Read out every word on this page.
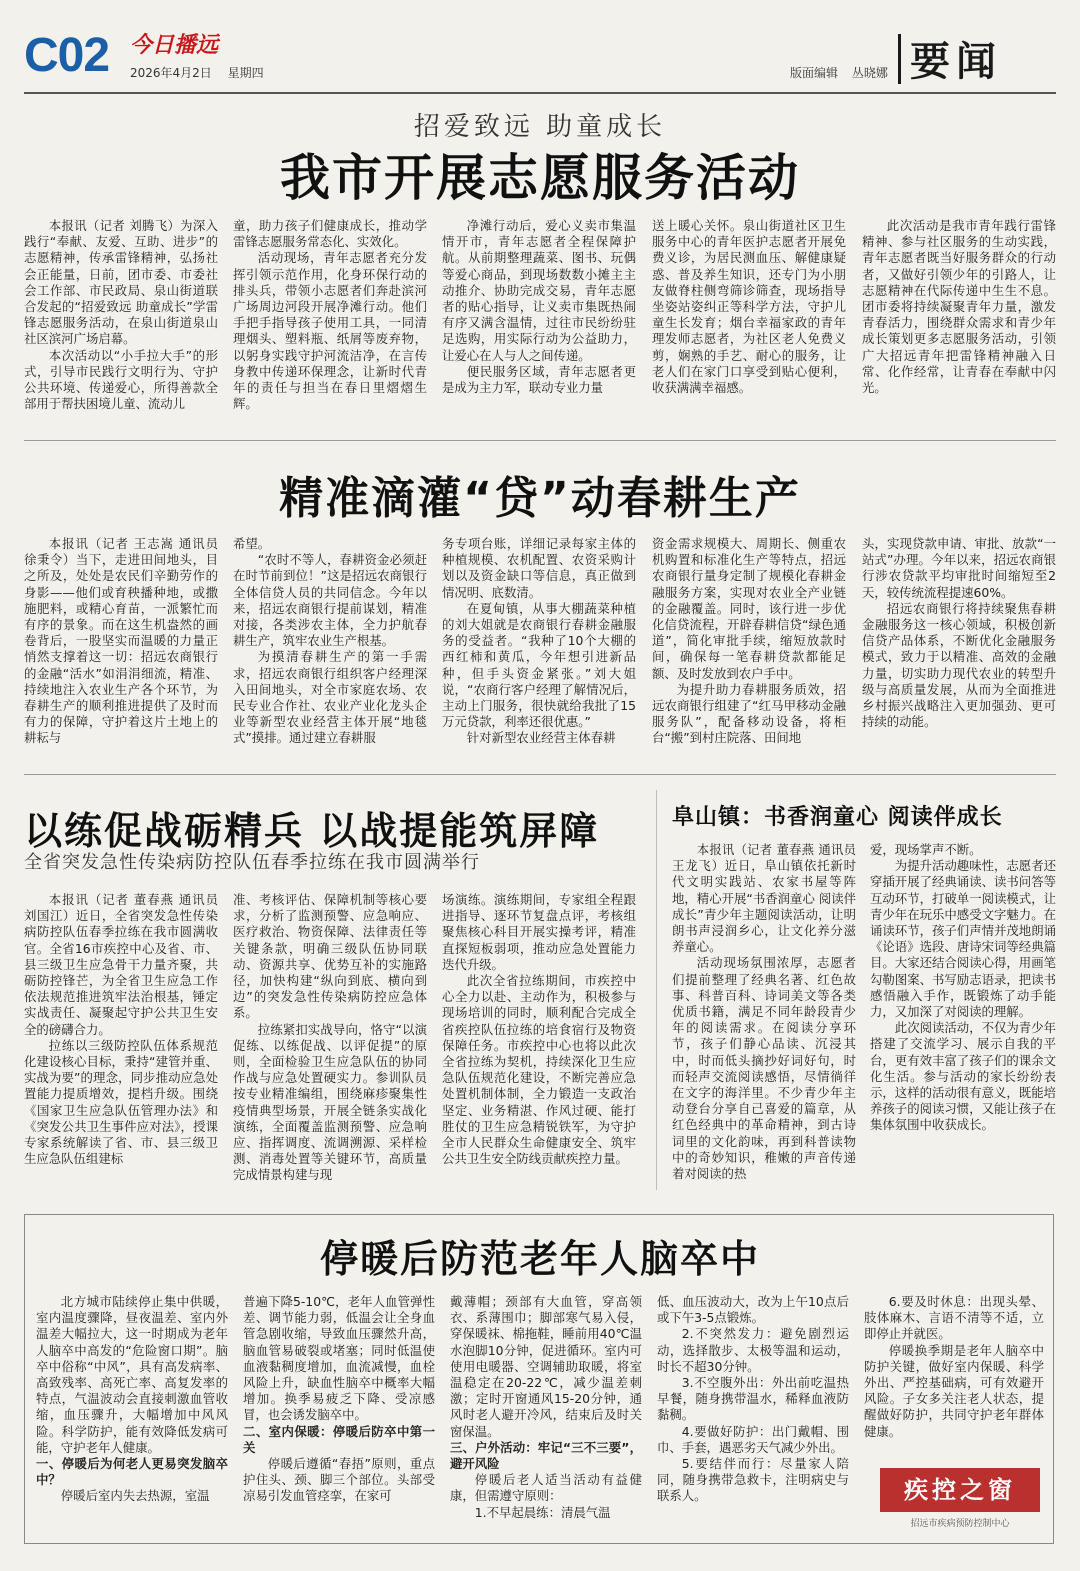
C02 今日播远
2026年4月2日 星期四	版面编辑 丛晓娜 要闻
招爱致远 助童成长
我市开展志愿服务活动

本报讯（记者 刘腾飞）为深入践行“奉献、友爱、互助、进步”的志愿精神，传承雷锋精神，弘扬社会正能量，日前，团市委、市委社会工作部、市民政局、泉山街道联合发起的“招爱致远 助童成长”学雷锋志愿服务活动，在泉山街道泉山社区滨河广场启幕。

本次活动以“小手拉大手”的形式，引导市民践行文明行为、守护公共环境、传递爱心，所得善款全部用于帮扶困境儿童、流动儿

童，助力孩子们健康成长，推动学雷锋志愿服务常态化、实效化。

活动现场，青年志愿者充分发挥引领示范作用，化身环保行动的排头兵，带领小志愿者们奔赴滨河广场周边河段开展净滩行动。他们手把手指导孩子使用工具，一同清理烟头、塑料瓶、纸屑等废弃物，以躬身实践守护河流洁净，在言传身教中传递环保理念，让新时代青年的责任与担当在春日里熠熠生辉。

净滩行动后，爱心义卖市集温情开市，青年志愿者全程保障护航。从前期整理蔬菜、图书、玩偶等爱心商品，到现场数数小摊主主动推介、协助完成交易，青年志愿者的贴心指导，让义卖市集既热闹有序又满含温情，过往市民纷纷驻足选购，用实际行动为公益助力，让爱心在人与人之间传递。

便民服务区域，青年志愿者更是成为主力军，联动专业力量

送上暖心关怀。泉山街道社区卫生服务中心的青年医护志愿者开展免费义诊，为居民测血压、解健康疑惑、普及养生知识，还专门为小朋友做脊柱侧弯筛诊筛查，现场指导坐姿站姿纠正等科学方法，守护儿童生长发育；烟台幸福家政的青年理发师志愿者，为社区老人免费义剪，娴熟的手艺、耐心的服务，让老人们在家门口享受到贴心便利，收获满满幸福感。

此次活动是我市青年践行雷锋精神、参与社区服务的生动实践，青年志愿者既当好服务群众的行动者，又做好引领少年的引路人，让志愿精神在代际传递中生生不息。团市委将持续凝聚青年力量，激发青春活力，围绕群众需求和青少年成长策划更多志愿服务活动，引领广大招远青年把雷锋精神融入日常、化作经常，让青春在奉献中闪光。

精准滴灌“贷”动春耕生产

本报讯（记者 王志嵩 通讯员 徐秉令）当下，走进田间地头，目之所及，处处是农民们辛勤劳作的身影——他们或育秧播种地，或撒施肥料，或精心育苗，一派繁忙而有序的景象。而在这生机盎然的画卷背后，一股坚实而温暖的力量正悄然支撑着这一切：招远农商银行的金融“活水”如涓涓细流，精准、持续地注入农业生产各个环节，为春耕生产的顺利推进提供了及时而有力的保障，守护着这片土地上的耕耘与

希望。

“农时不等人，春耕资金必须赶在时节前到位！”这是招远农商银行全体信贷人员的共同信念。今年以来，招远农商银行提前谋划，精准对接，各类涉农主体，全力护航春耕生产，筑牢农业生产根基。

为摸清春耕生产的第一手需求，招远农商银行组织客户经理深入田间地头，对全市家庭农场、农民专业合作社、农业产业化龙头企业等新型农业经营主体开展“地毯式”摸排。通过建立春耕服

务专项台账，详细记录每家主体的种植规模、农机配置、农资采购计划以及资金缺口等信息，真正做到情况明、底数清。

在夏甸镇，从事大棚蔬菜种植的刘大姐就是农商银行春耕金融服务的受益者。“我种了10个大棚的西红柿和黄瓜，今年想引进新品种，但手头资金紧张。”刘大姐说，“农商行客户经理了解情况后，主动上门服务，很快就给我批了15万元贷款，利率还很优惠。”

针对新型农业经营主体春耕

资金需求规模大、周期长、侧重农机购置和标准化生产等特点，招远农商银行量身定制了规模化春耕金融服务方案，实现对农业全产业链的金融覆盖。同时，该行进一步优化信贷流程，开辟春耕信贷“绿色通道”，简化审批手续，缩短放款时间，确保每一笔春耕贷款都能足额、及时发放到农户手中。

为提升助力春耕服务质效，招远农商银行组建了“红马甲移动金融服务队”，配备移动设备，将柜台“搬”到村庄院落、田间地

头，实现贷款申请、审批、放款“一站式”办理。今年以来，招远农商银行涉农贷款平均审批时间缩短至2天，较传统流程提速60%。

招远农商银行将持续聚焦春耕金融服务这一核心领域，积极创新信贷产品体系，不断优化金融服务模式，致力于以精准、高效的金融力量，切实助力现代农业的转型升级与高质量发展，从而为全面推进乡村振兴战略注入更加强劲、更可持续的动能。

以练促战砺精兵 以战提能筑屏障
全省突发急性传染病防控队伍春季拉练在我市圆满举行

本报讯（记者 董春燕 通讯员 刘国江）近日，全省突发急性传染病防控队伍春季拉练在我市圆满收官。全省16市疾控中心及省、市、县三级卫生应急骨干力量齐聚，共砺防控锋芒，为全省卫生应急工作依法规范推进筑牢法治根基，锤定实战责任、凝聚起守护公共卫生安全的磅礴合力。

拉练以三级防控队伍体系规范化建设核心目标，秉持“建管并重、实战为要”的理念，同步推动应急处置能力提质增效，提档升级。围绕《国家卫生应急队伍管理办法》和《突发公共卫生事件应对法》，授课专家系统解读了省、市、县三级卫生应急队伍组建标

准、考核评估、保障机制等核心要求，分析了监测预警、应急响应、医疗救治、物资保障、法律责任等关键条款，明确三级队伍协同联动、资源共享、优势互补的实施路径，加快构建“纵向到底、横向到边”的突发急性传染病防控应急体系。

拉练紧扣实战导向，恪守“以演促练、以练促战、以评促提”的原则，全面检验卫生应急队伍的协同作战与应急处置硬实力。参训队员按专业精准编组，围绕麻疹聚集性疫情典型场景，开展全链条实战化演练，全面覆盖监测预警、应急响应、指挥调度、流调溯源、采样检测、消毒处置等关键环节，高质量完成情景构建与现

场演练。演练期间，专家组全程跟进指导、逐环节复盘点评，考核组聚焦核心科目开展实操考评，精准直探短板弱项，推动应急处置能力迭代升级。

此次全省拉练期间，市疾控中心全力以赴、主动作为，积极参与现场培训的同时，顺利配合完成全省疾控队伍拉练的培食宿行及物资保障任务。市疾控中心也将以此次全省拉练为契机，持续深化卫生应急队伍规范化建设，不断完善应急处置机制体制，全力锻造一支政治坚定、业务精湛、作风过硬、能打胜仗的卫生应急精锐铁军，为守护全市人民群众生命健康安全、筑牢公共卫生安全防线贡献疾控力量。

阜山镇：书香润童心 阅读伴成长

本报讯（记者 董春燕 通讯员 王龙飞）近日，阜山镇依托新时代文明实践站、农家书屋等阵地，精心开展“书香润童心 阅读伴成长”青少年主题阅读活动，让明朗书声浸润乡心，让文化养分滋养童心。

活动现场氛围浓厚，志愿者们提前整理了经典名著、红色故事、科普百科、诗词美文等各类优质书籍，满足不同年龄段青少年的阅读需求。在阅读分享环节，孩子们静心品读、沉浸其中，时而低头摘抄好词好句，时而轻声交流阅读感悟，尽情徜徉在文字的海洋里。不少青少年主动登台分享自己喜爱的篇章，从红色经典中的革命精神，到古诗词里的文化韵味，再到科普读物中的奇妙知识，稚嫩的声音传递着对阅读的热

爱，现场掌声不断。

为提升活动趣味性，志愿者还穿插开展了经典诵读、读书问答等互动环节，打破单一阅读模式，让青少年在玩乐中感受文字魅力。在诵读环节，孩子们声情并茂地朗诵《论语》选段、唐诗宋词等经典篇目。大家还结合阅读心得，用画笔勾勒图案、书写励志语录，把读书感悟融入手作，既锻炼了动手能力，又加深了对阅读的理解。

此次阅读活动，不仅为青少年搭建了交流学习、展示自我的平台，更有效丰富了孩子们的课余文化生活。参与活动的家长纷纷表示，这样的活动很有意义，既能培养孩子的阅读习惯，又能让孩子在集体氛围中收获成长。

停暖后防范老年人脑卒中

北方城市陆续停止集中供暖，室内温度骤降，昼夜温差、室内外温差大幅拉大，这一时期成为老年人脑卒中高发的“危险窗口期”。脑卒中俗称“中风”，具有高发病率、高致残率、高死亡率、高复发率的特点，气温波动会直接刺激血管收缩，血压骤升，大幅增加中风风险。科学防护，能有效降低发病可能，守护老年人健康。

一、停暖后为何老人更易突发脑卒中？

停暖后室内失去热源，室温

普遍下降5-10℃，老年人血管弹性差、调节能力弱，低温会让全身血管急剧收缩，导致血压骤然升高，脑血管易破裂或堵塞；同时低温使血液黏稠度增加，血流减慢，血栓风险上升，缺血性脑卒中概率大幅增加。换季易疲乏下降、受凉感冒，也会诱发脑卒中。

二、室内保暖：停暖后防卒中第一关

停暖后遵循“春捂”原则，重点护住头、颈、脚三个部位。头部受凉易引发血管痉挛，在家可

戴薄帽；颈部有大血管，穿高领衣、系薄围巾；脚部寒气易入侵，穿保暖袜、棉拖鞋，睡前用40℃温水泡脚10分钟，促进循环。室内可使用电暖器、空调辅助取暖，将室温稳定在20-22℃，减少温差刺激；定时开窗通风15-20分钟，通风时老人避开冷风，结束后及时关窗保温。

三、户外活动：牢记“三不三要”，避开风险

停暖后老人适当活动有益健康，但需遵守原则：

1.不早起晨练：清晨气温

低、血压波动大，改为上午10点后或下午3-5点锻炼。

2.不突然发力：避免剧烈运动，选择散步、太极等温和运动，时长不超30分钟。

3.不空腹外出：外出前吃温热早餐，随身携带温水，稀释血液防黏稠。

4.要做好防护：出门戴帽、围巾、手套，遇恶劣天气减少外出。

5.要结伴而行：尽量家人陪同，随身携带急救卡，注明病史与联系人。

6.要及时休息：出现头晕、肢体麻木、言语不清等不适，立即停止并就医。

停暖换季期是老年人脑卒中防护关键，做好室内保暖、科学外出、严控基础病，可有效避开风险。子女多关注老人状态，提醒做好防护，共同守护老年群体健康。

疾控之窗
招远市疾病预防控制中心
